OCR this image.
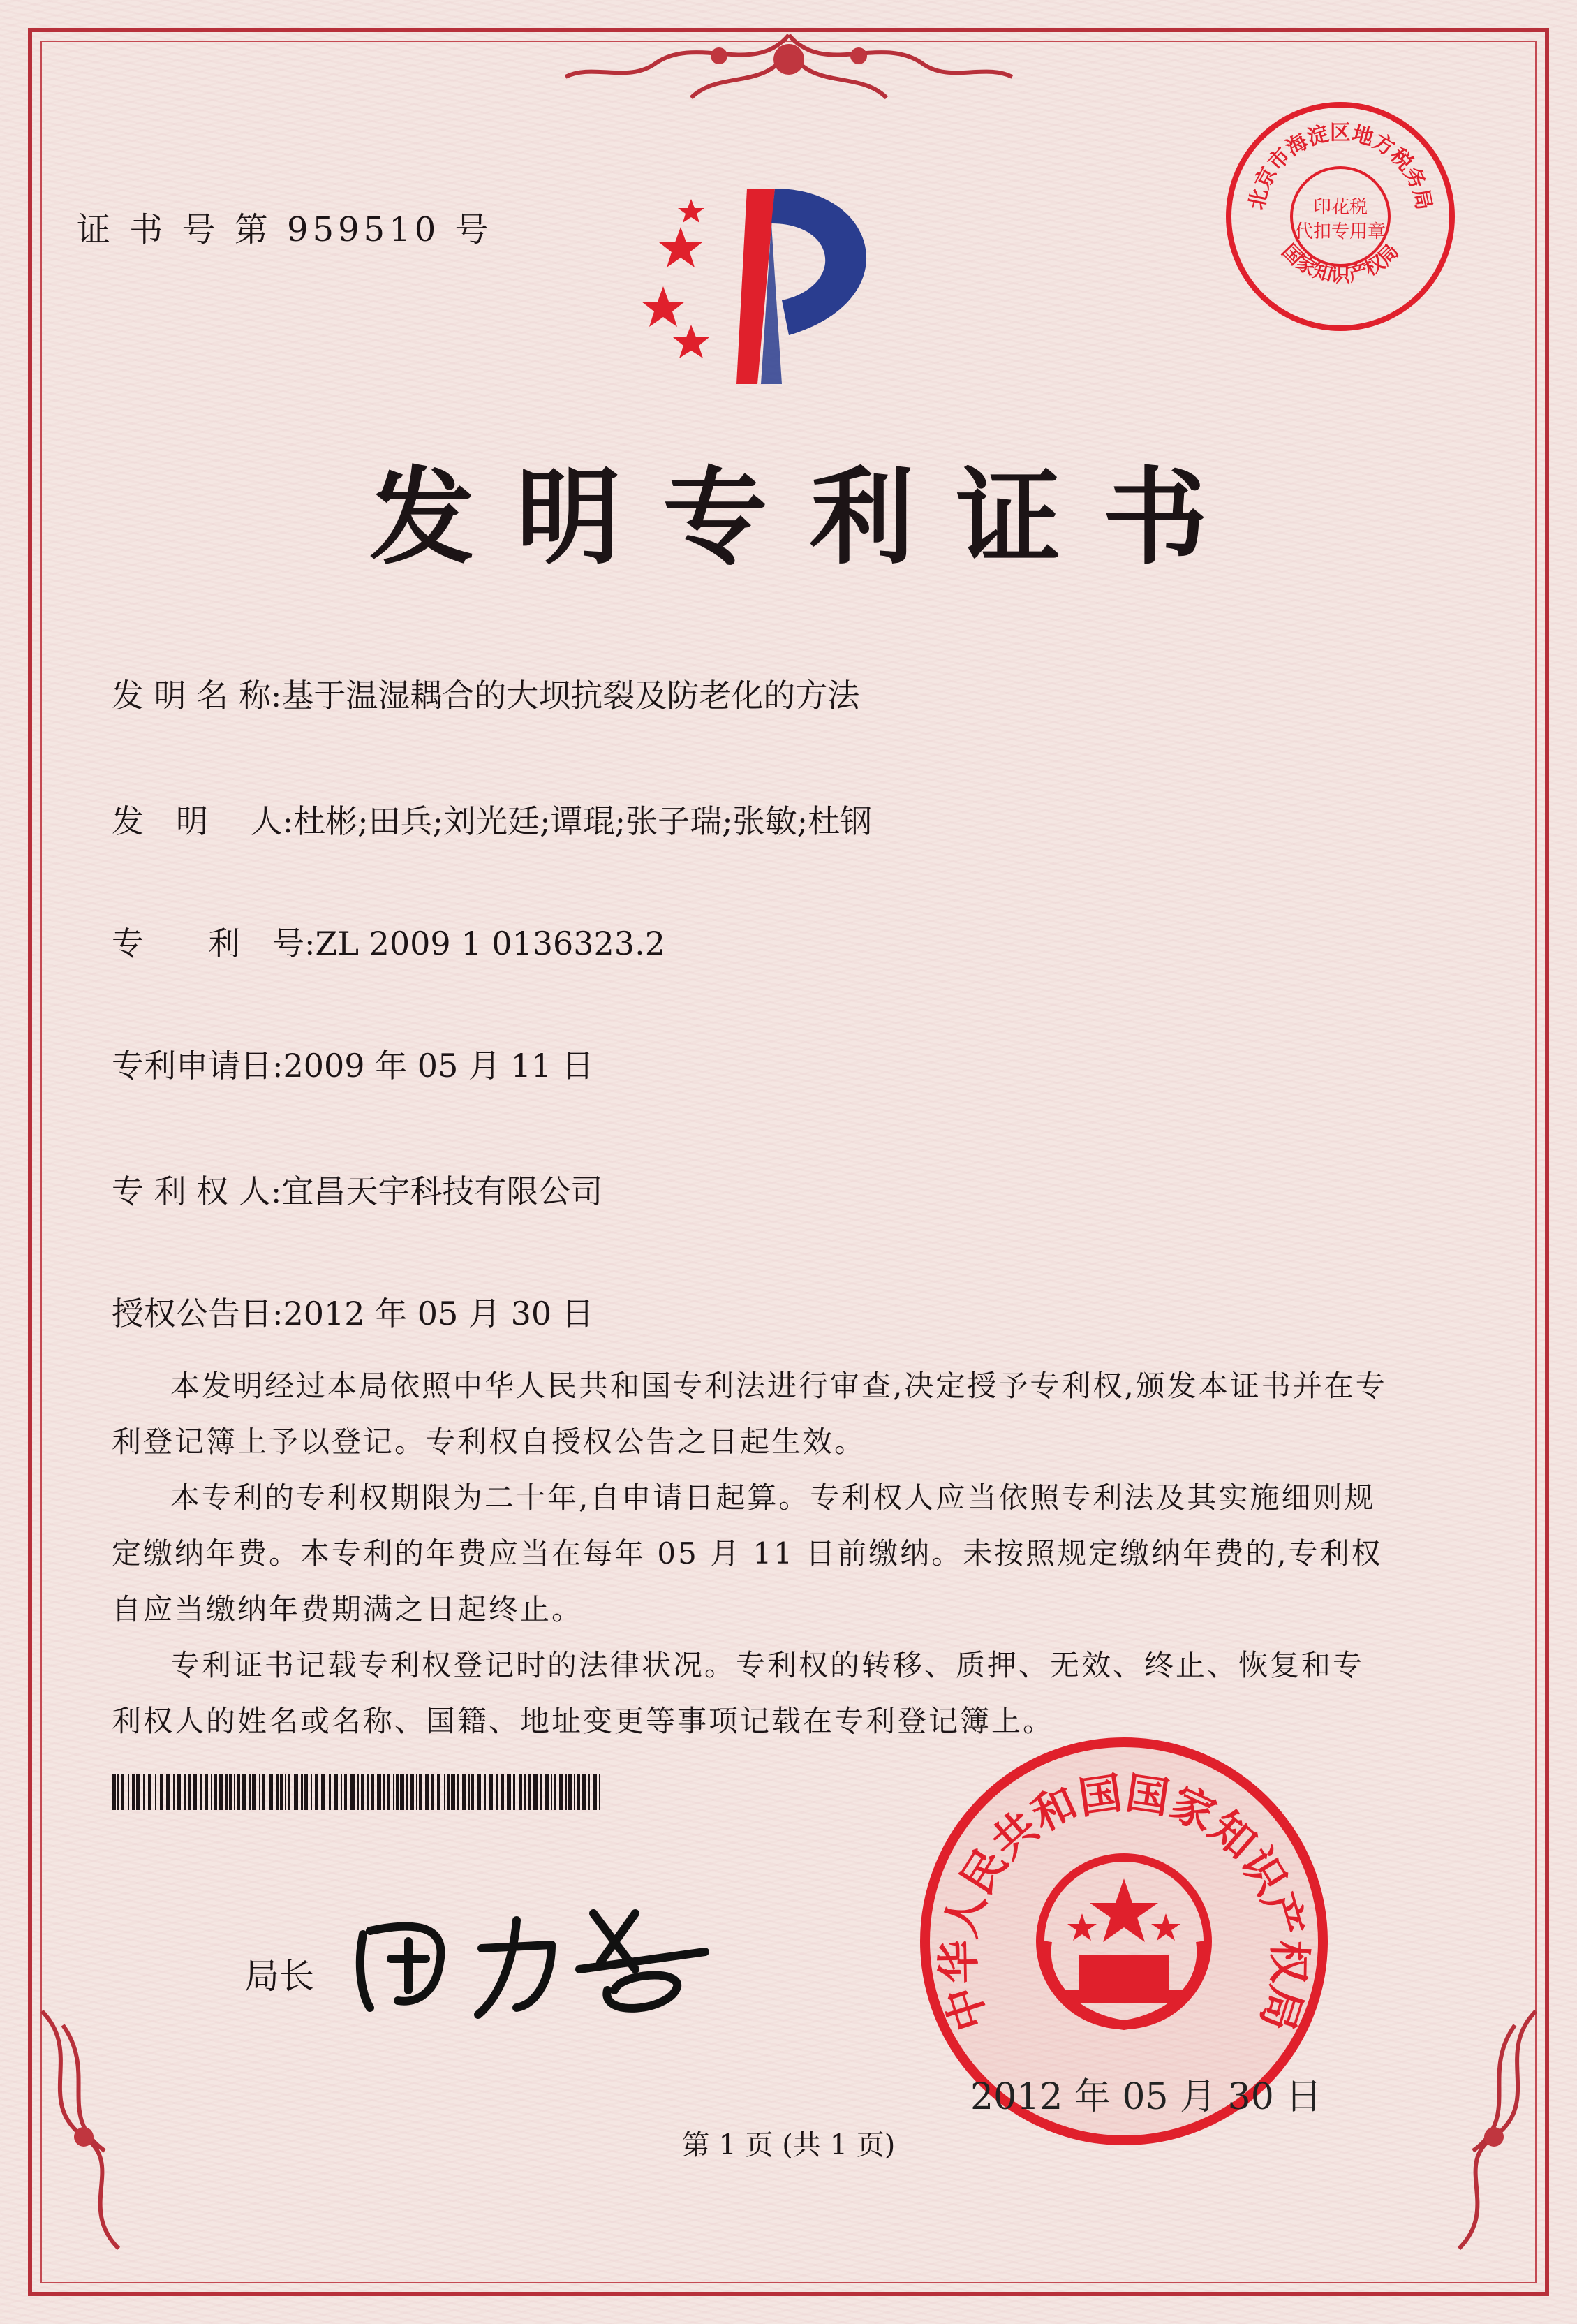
证 书 号 第 959510 号
北京市海淀区地方税务局
国家知识产权局
印花税
代扣专用章
发明专利证书
发 明 名 称:基于温湿耦合的大坝抗裂及防老化的方法
发　明　 人:杜彬;田兵;刘光廷;谭琨;张子瑞;张敏;杜钢
专　　利　号:ZL 2009 1 0136323.2
专利申请日:2009 年 05 月 11 日
专 利 权 人:宜昌天宇科技有限公司
授权公告日:2012 年 05 月 30 日

本发明经过本局依照中华人民共和国专利法进行审查,决定授予专利权,颁发本证书并在专利登记簿上予以登记。专利权自授权公告之日起生效。

本专利的专利权期限为二十年,自申请日起算。专利权人应当依照专利法及其实施细则规定缴纳年费。本专利的年费应当在每年 05 月 11 日前缴纳。未按照规定缴纳年费的,专利权自应当缴纳年费期满之日起终止。

专利证书记载专利权登记时的法律状况。专利权的转移、质押、无效、终止、恢复和专利权人的姓名或名称、国籍、地址变更等事项记载在专利登记簿上。

局长	田力普	中华人民共和国国家知识产权局
2012 年 05 月 30 日
第 1 页 (共 1 页)
